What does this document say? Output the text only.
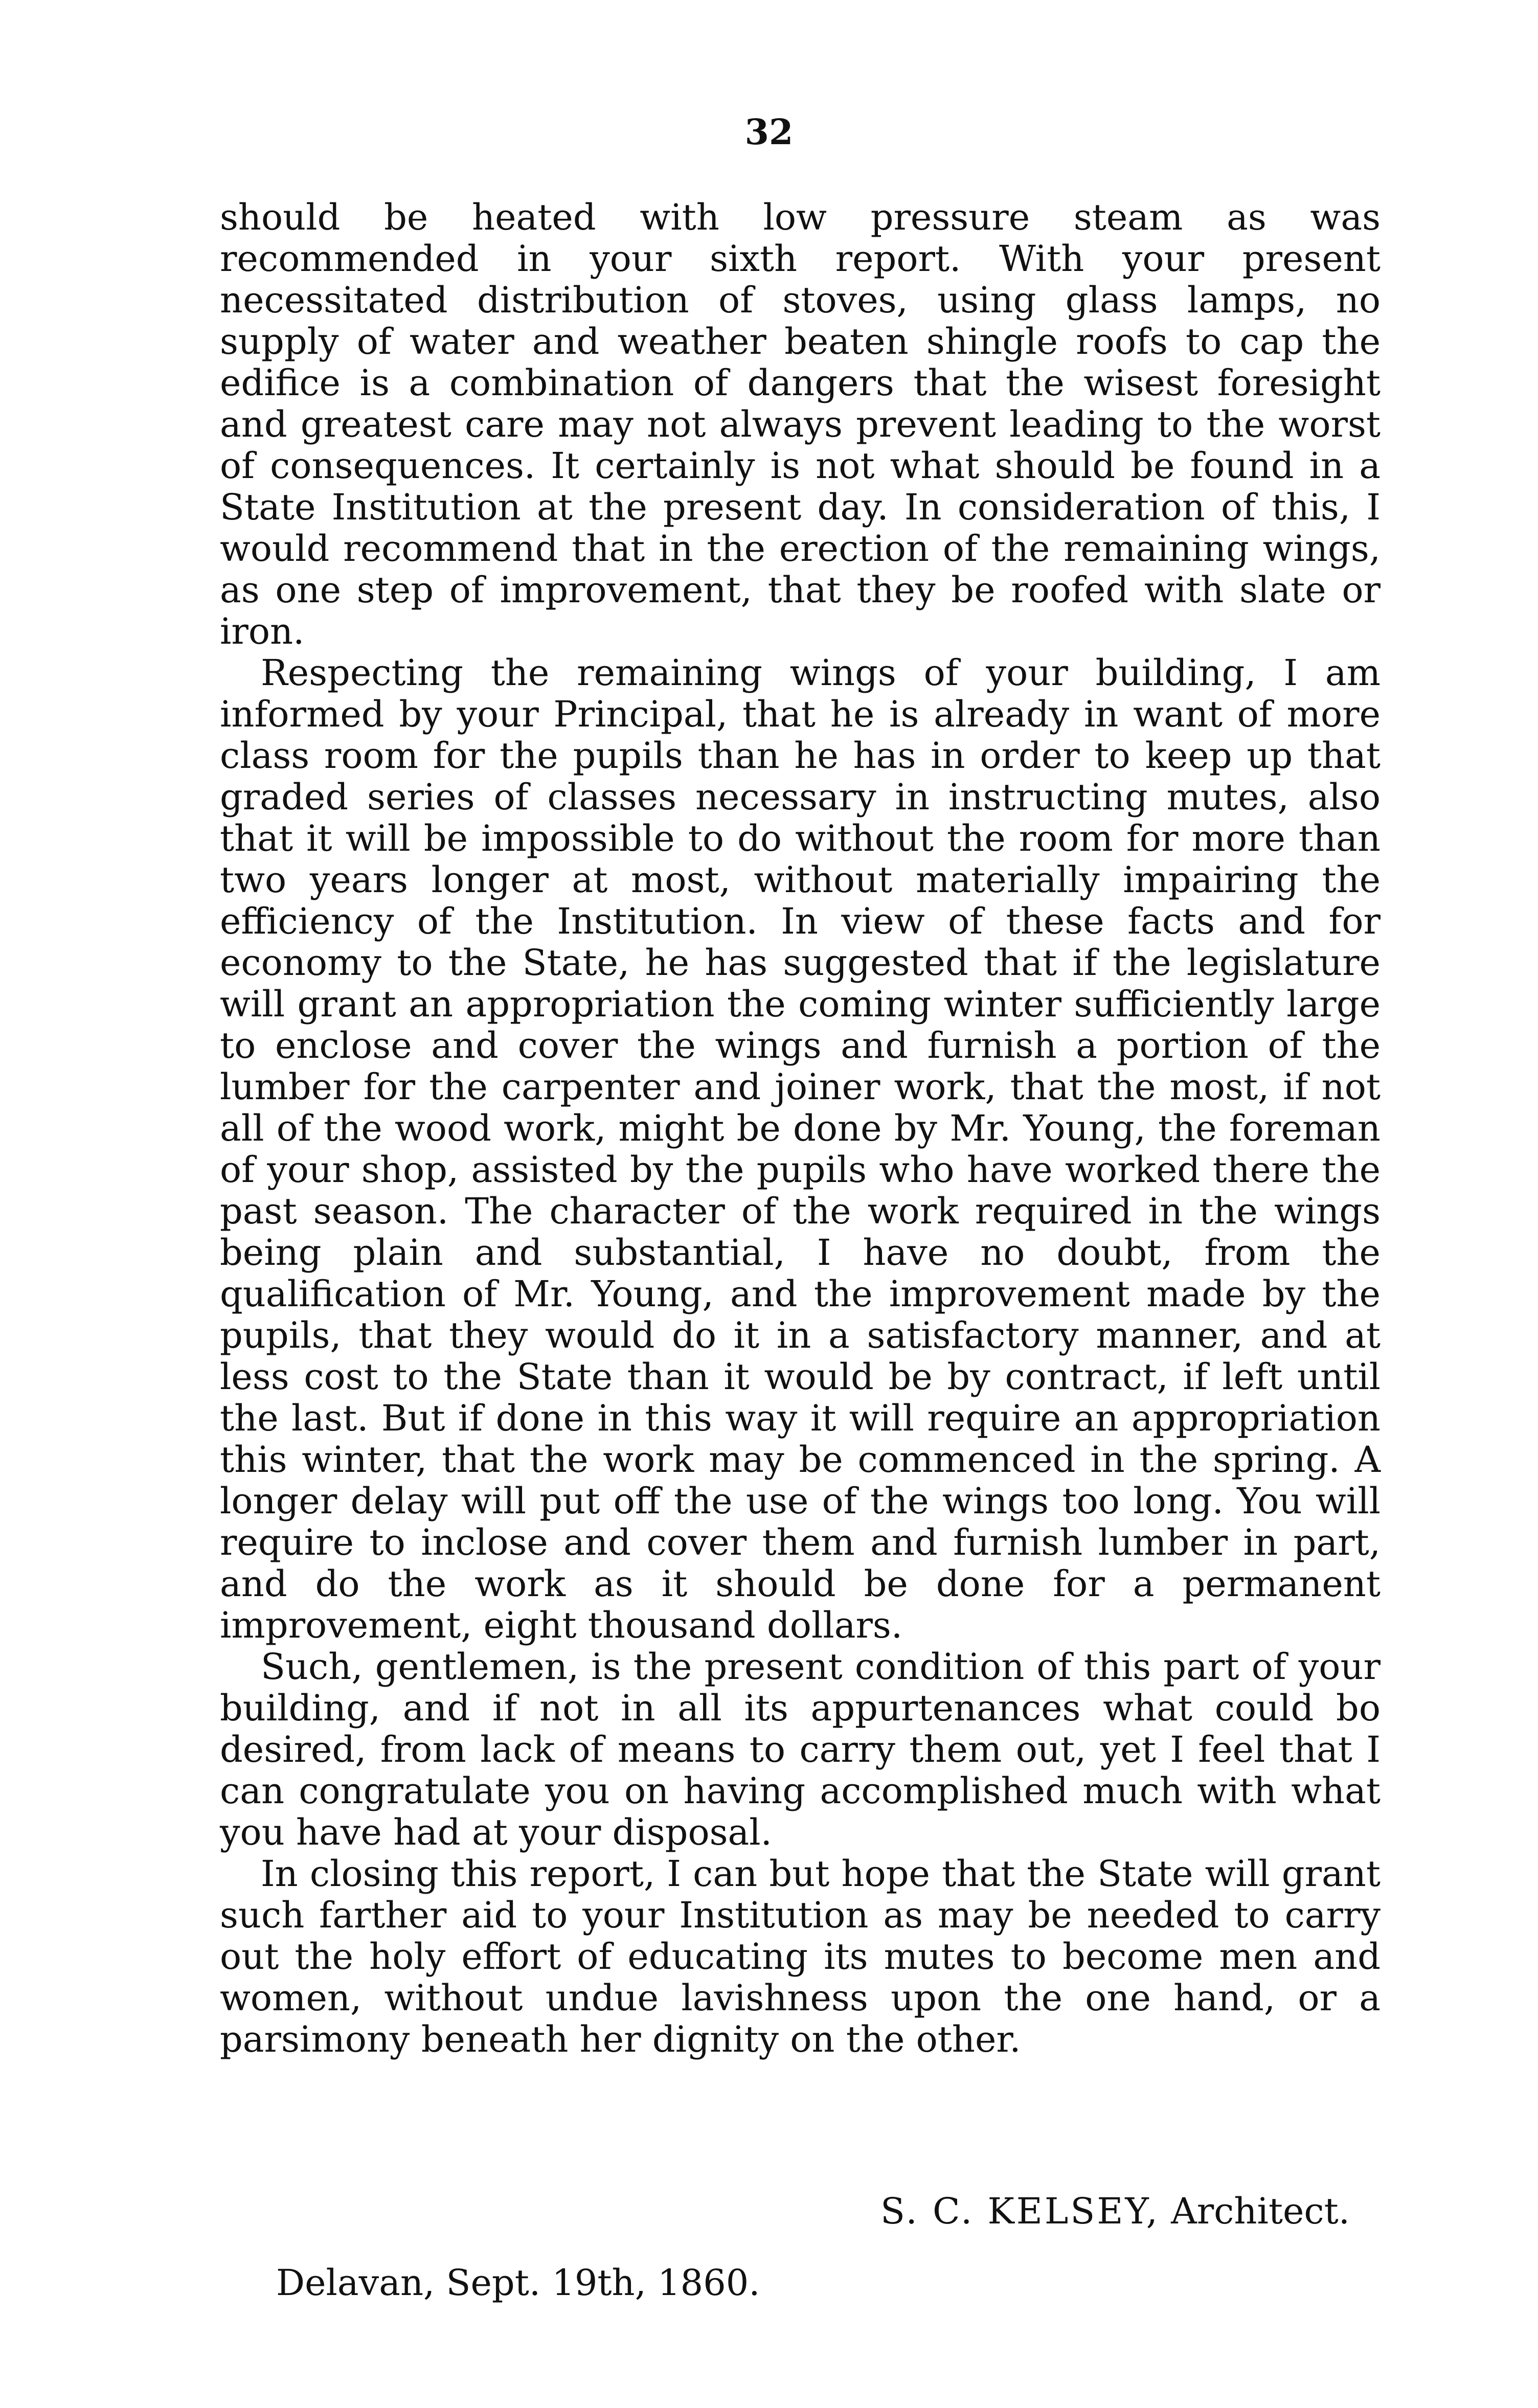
32

should be heated with low pressure steam as was recommended in your sixth report. With your present necessitated distribution of stoves, using glass lamps, no supply of water and weather beaten shingle roofs to cap the edifice is a combination of dangers that the wisest foresight and greatest care may not always prevent leading to the worst of consequences. It certainly is not what should be found in a State Institution at the present day. In consideration of this, I would recommend that in the erection of the remaining wings, as one step of improvement, that they be roofed with slate or iron.

Respecting the remaining wings of your building, I am informed by your Principal, that he is already in want of more class room for the pupils than he has in order to keep up that graded series of classes necessary in instructing mutes, also that it will be impossible to do without the room for more than two years longer at most, without materially impairing the efficiency of the Institution. In view of these facts and for economy to the State, he has suggested that if the legislature will grant an appropriation the coming winter sufficiently large to enclose and cover the wings and furnish a portion of the lumber for the carpenter and joiner work, that the most, if not all of the wood work, might be done by Mr. Young, the foreman of your shop, assisted by the pupils who have worked there the past season. The character of the work required in the wings being plain and substantial, I have no doubt, from the qualification of Mr. Young, and the improvement made by the pupils, that they would do it in a satisfactory manner, and at less cost to the State than it would be by contract, if left until the last. But if done in this way it will require an appropriation this winter, that the work may be commenced in the spring. A longer delay will put off the use of the wings too long. You will require to inclose and cover them and furnish lumber in part, and do the work as it should be done for a permanent improvement, eight thousand dollars.

Such, gentlemen, is the present condition of this part of your building, and if not in all its appurtenances what could bo desired, from lack of means to carry them out, yet I feel that I can congratulate you on having accomplished much with what you have had at your disposal.

In closing this report, I can but hope that the State will grant such farther aid to your Institution as may be needed to carry out the holy effort of educating its mutes to become men and women, without undue lavishness upon the one hand, or a parsimony beneath her dignity on the other.

S. C. KELSEY, Architect.
Delavan, Sept. 19th, 1860.
